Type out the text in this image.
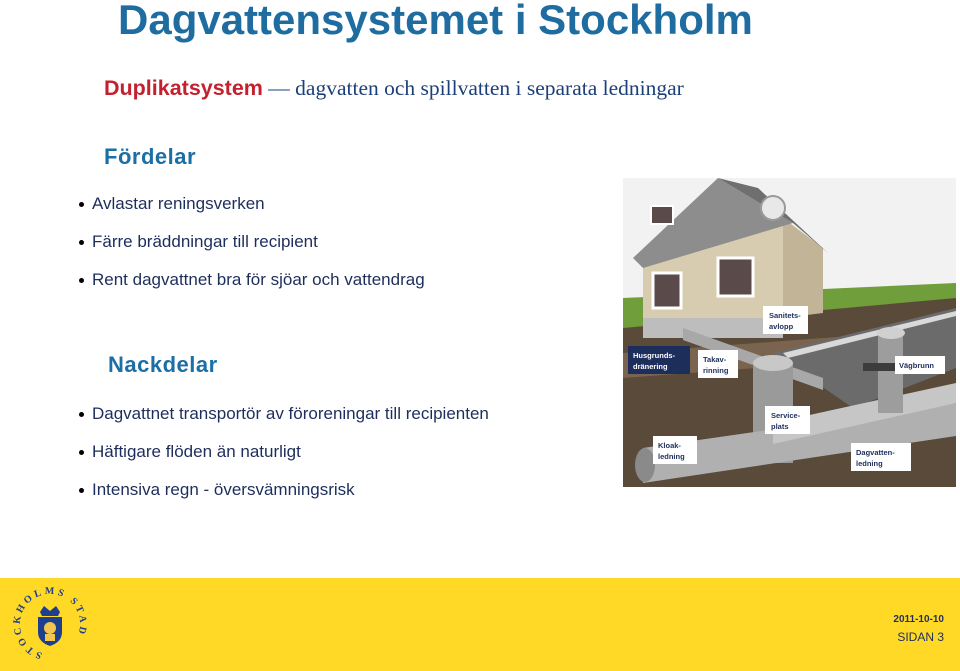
Dagvattensystemet i Stockholm
Duplikatsystem — dagvatten och spillvatten i separata ledningar
Fördelar
Avlastar reningsverken
Färre bräddningar till recipient
Rent dagvattnet bra för sjöar och vattendrag
Nackdelar
Dagvattnet transportör av föroreningar till recipienten
Häftigare flöden än naturligt
Intensiva regn - översvämningsrisk
Sanitets-
avlopp
Husgrunds-
dränering
Takav-
rinning
Vägbrunn
Service-
plats
Kloak-
ledning	Dagvatten-
ledning
STOCKHOLMS STAD
2011-10-10
SIDAN 3
